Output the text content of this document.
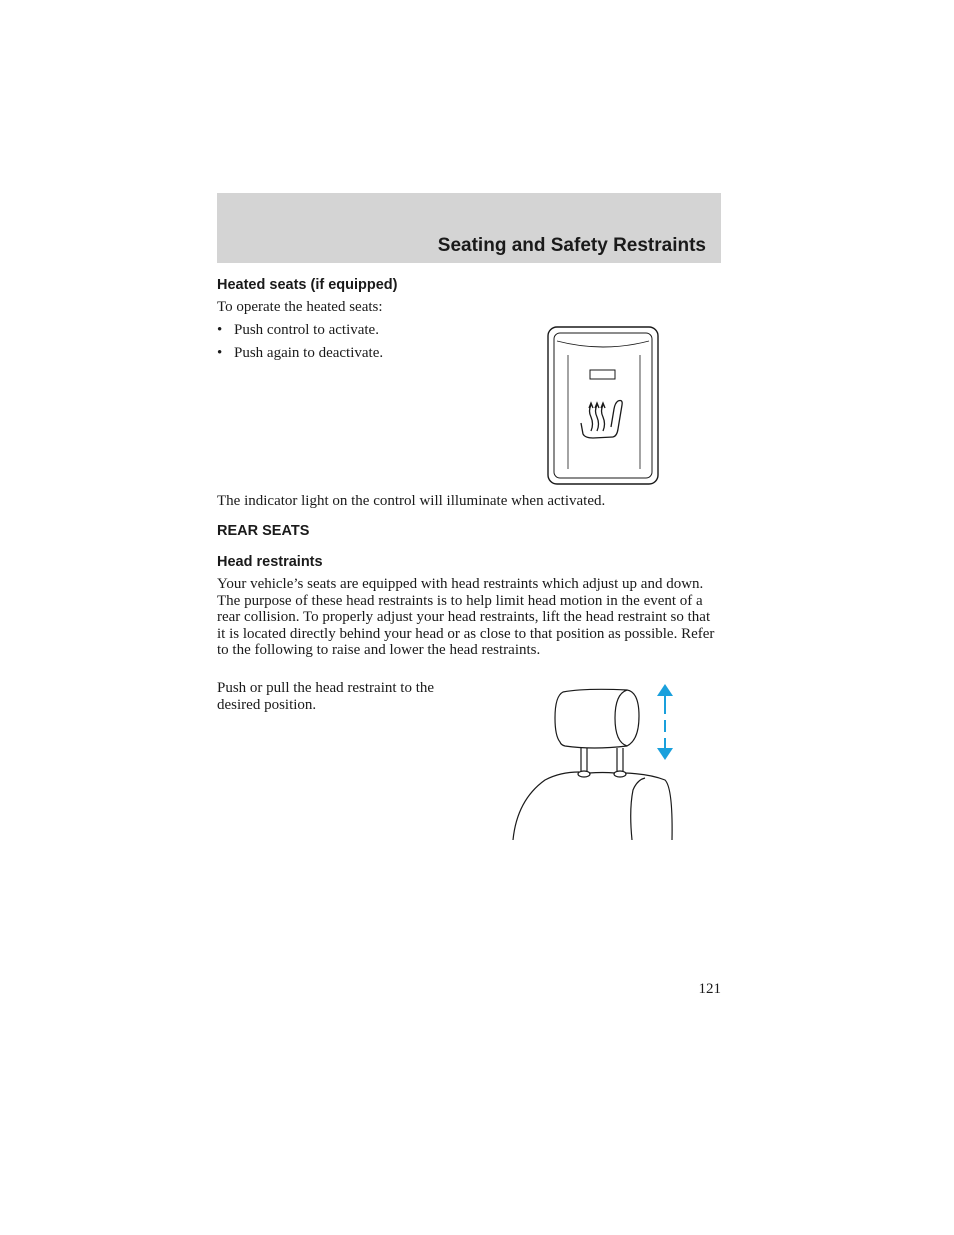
Seating and Safety Restraints
Heated seats (if equipped)
To operate the heated seats:
• Push control to activate.
• Push again to deactivate.
The indicator light on the control will illuminate when activated.
REAR SEATS
Head restraints
Your vehicle’s seats are equipped with head restraints which adjust up and down. The purpose of these head restraints is to help limit head motion in the event of a rear collision. To properly adjust your head restraints, lift the head restraint so that it is located directly behind your head or as close to that position as possible. Refer to the following to raise and lower the head restraints.
Push or pull the head restraint to the desired position.
121
